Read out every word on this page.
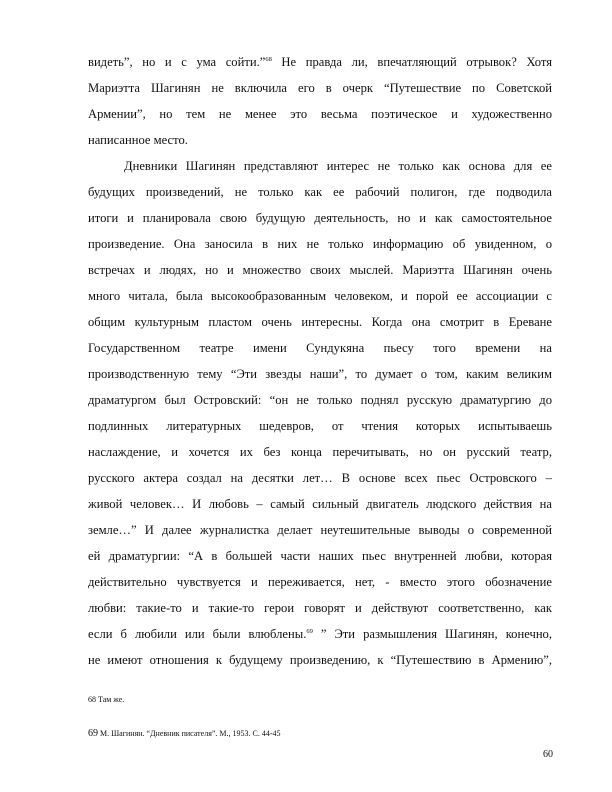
видеть”, но и с ума сойти.”$^{68}$ Не правда ли, впечатляющий отрывок? Хотя
Мариэтта Шагинян не включила его в очерк “Путешествие по Советской
Армении”, но тем не менее это весьма поэтическое и художественно
написанное место.
Дневники Шагинян представляют интерес не только как основа для ее
будущих произведений, не только как ее рабочий полигон, где подводила
итоги и планировала свою будущую деятельность, но и как самостоятельное
произведение. Она заносила в них не только информацию об увиденном, о
встречах и людях, но и множество своих мыслей. Мариэтта Шагинян очень
много читала, была высокообразованным человеком, и порой ее ассоциации с
общим культурным пластом очень интересны. Когда она смотрит в Ереване
Государственном театре имени Сундукяна пьесу того времени на
производственную тему “Эти звезды наши”, то думает о том, каким великим
драматургом был Островский: “он не только поднял русскую драматургию до
подлинных литературных шедевров, от чтения которых испытываешь
наслаждение, и хочется их без конца перечитывать, но он русский театр,
русского актера создал на десятки лет… В основе всех пьес Островского –
живой человек… И любовь – самый сильный двигатель людского действия на
земле…” И далее журналистка делает неутешительные выводы о современной
ей драматургии: “А в большей части наших пьес внутренней любви, которая
действительно чувствуется и переживается, нет, - вместо этого обозначение
любви: такие-то и такие-то герои говорят и действуют соответственно, как
если б любили или были влюблены.$^{69}$ ” Эти размышления Шагинян, конечно,
не имеют отношения к будущему произведению, к “Путешествию в Армению”,
68 Там же.
69 М. Шагинян. “Дневник писателя”. М., 1953. С. 44-45
60
